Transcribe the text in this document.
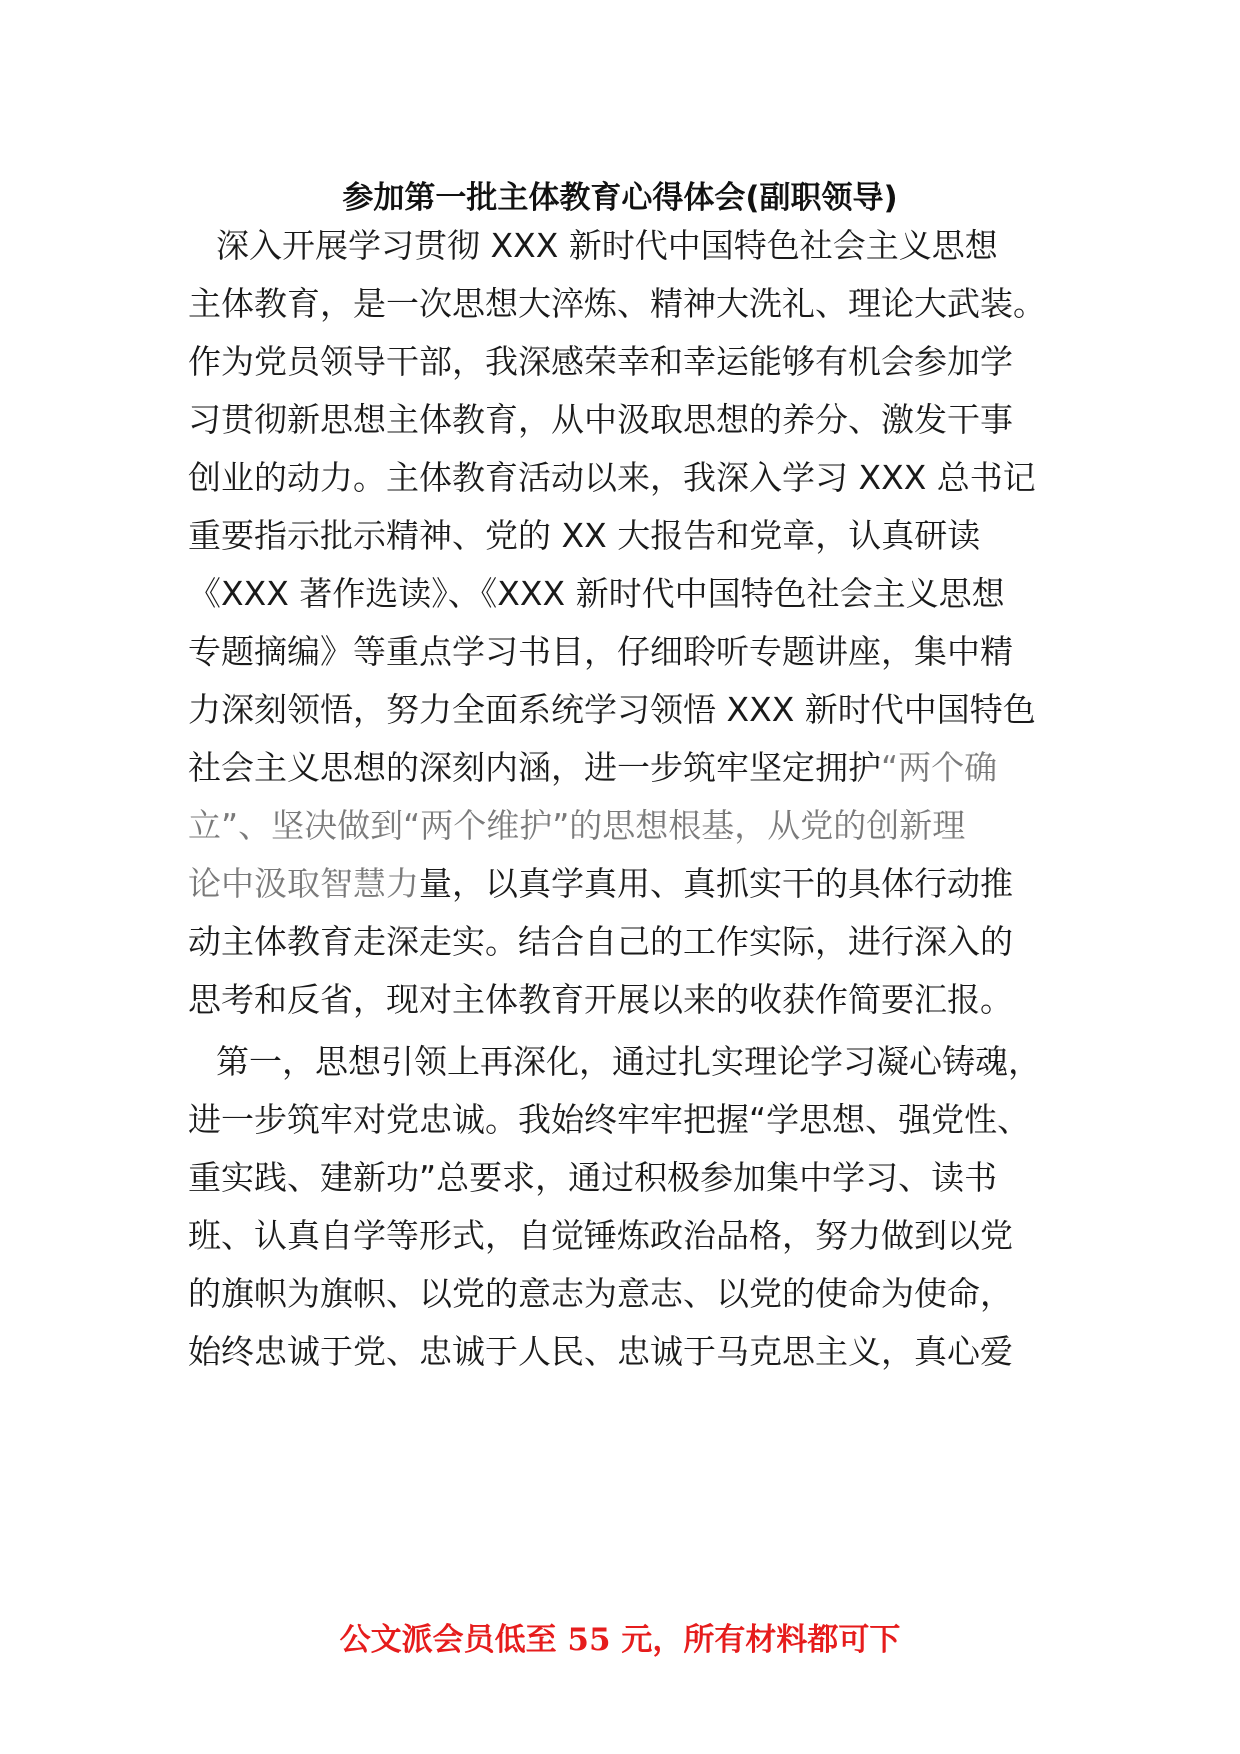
参加第一批主体教育心得体会(副职领导)
深入开展学习贯彻 XXX 新时代中国特色社会主义思想
主体教育，是一次思想大淬炼、精神大洗礼、理论大武装。
作为党员领导干部，我深感荣幸和幸运能够有机会参加学
习贯彻新思想主体教育，从中汲取思想的养分、激发干事
创业的动力。主体教育活动以来，我深入学习 XXX 总书记
重要指示批示精神、党的 XX 大报告和党章，认真研读
《XXX 著作选读》、《XXX 新时代中国特色社会主义思想
专题摘编》等重点学习书目，仔细聆听专题讲座，集中精
力深刻领悟，努力全面系统学习领悟 XXX 新时代中国特色
社会主义思想的深刻内涵，进一步筑牢坚定拥护“两个确
立”、坚决做到“两个维护”的思想根基，从党的创新理
论中汲取智慧力量，以真学真用、真抓实干的具体行动推
动主体教育走深走实。结合自己的工作实际，进行深入的
思考和反省，现对主体教育开展以来的收获作简要汇报。
第一，思想引领上再深化，通过扎实理论学习凝心铸魂，
进一步筑牢对党忠诚。我始终牢牢把握“学思想、强党性、
重实践、建新功”总要求，通过积极参加集中学习、读书
班、认真自学等形式，自觉锤炼政治品格，努力做到以党
的旗帜为旗帜、以党的意志为意志、以党的使命为使命，
始终忠诚于党、忠诚于人民、忠诚于马克思主义，真心爱
公文派会员低至 55 元，所有材料都可下
